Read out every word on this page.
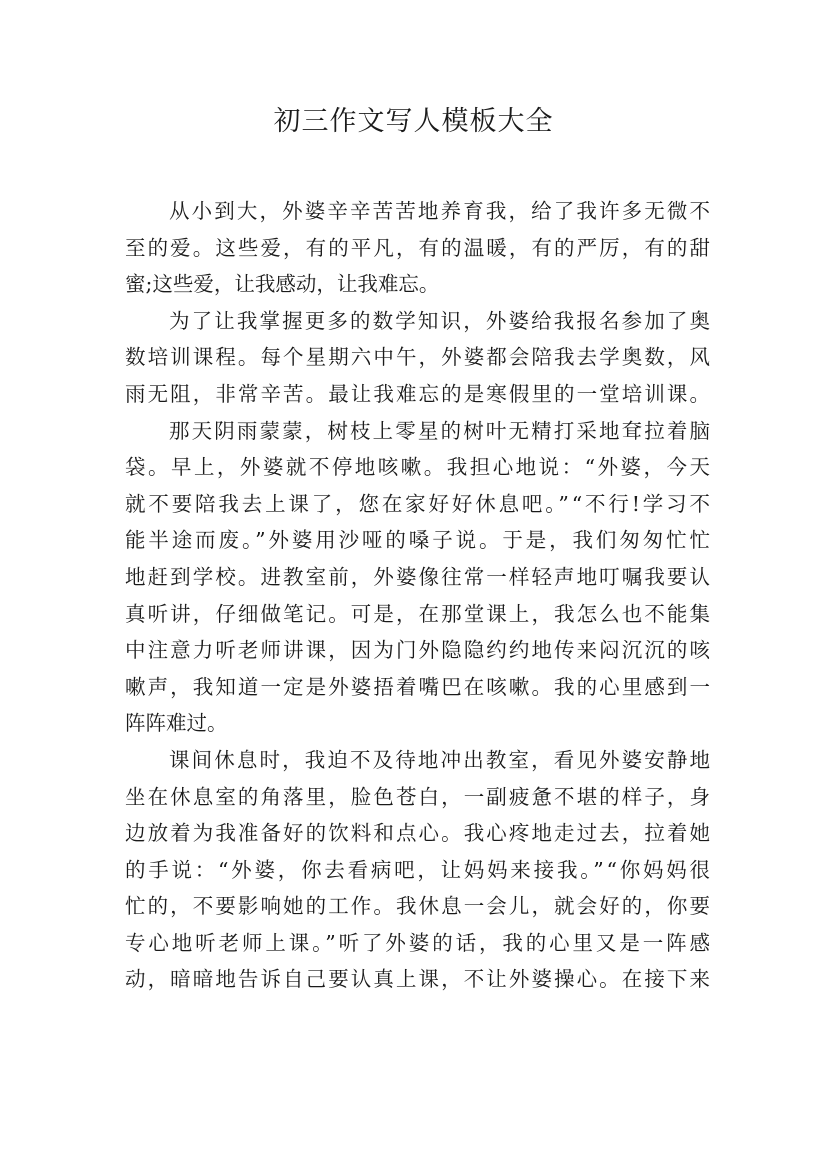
初三作文写人模板大全
从小到大，外婆辛辛苦苦地养育我，给了我许多无微不
至的爱。这些爱，有的平凡，有的温暖，有的严厉，有的甜
蜜;这些爱，让我感动，让我难忘。
为了让我掌握更多的数学知识，外婆给我报名参加了奥
数培训课程。每个星期六中午，外婆都会陪我去学奥数，风
雨无阻，非常辛苦。最让我难忘的是寒假里的一堂培训课。
那天阴雨蒙蒙，树枝上零星的树叶无精打采地耷拉着脑
袋。早上，外婆就不停地咳嗽。我担心地说：“外婆，今天
就不要陪我去上课了，您在家好好休息吧。”“不行!学习不
能半途而废。”外婆用沙哑的嗓子说。于是，我们匆匆忙忙
地赶到学校。进教室前，外婆像往常一样轻声地叮嘱我要认
真听讲，仔细做笔记。可是，在那堂课上，我怎么也不能集
中注意力听老师讲课，因为门外隐隐约约地传来闷沉沉的咳
嗽声，我知道一定是外婆捂着嘴巴在咳嗽。我的心里感到一
阵阵难过。
课间休息时，我迫不及待地冲出教室，看见外婆安静地
坐在休息室的角落里，脸色苍白，一副疲惫不堪的样子，身
边放着为我准备好的饮料和点心。我心疼地走过去，拉着她
的手说：“外婆，你去看病吧，让妈妈来接我。”“你妈妈很
忙的，不要影响她的工作。我休息一会儿，就会好的，你要
专心地听老师上课。”听了外婆的话，我的心里又是一阵感
动，暗暗地告诉自己要认真上课，不让外婆操心。在接下来
